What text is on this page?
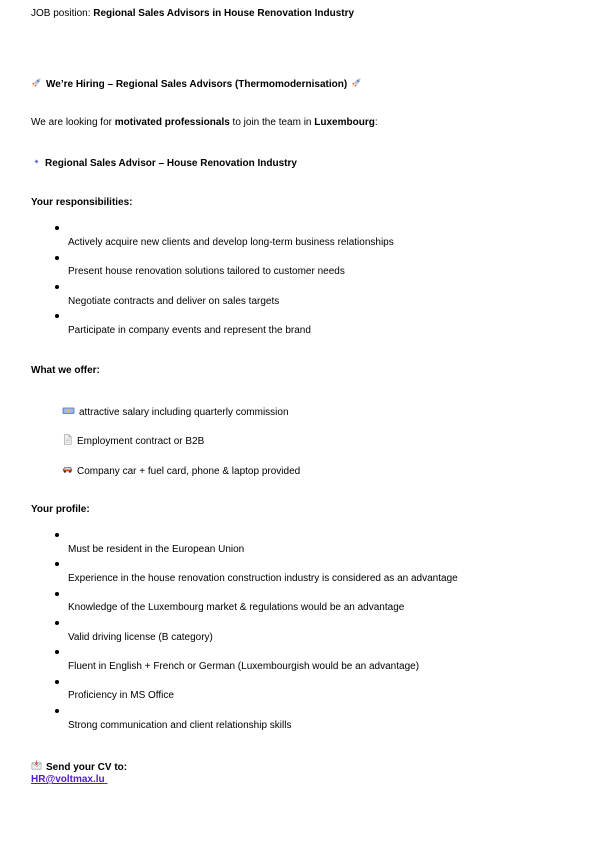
JOB position: Regional Sales Advisors in House Renovation Industry
We’re Hiring – Regional Sales Advisors (Thermomodernisation)
We are looking for motivated professionals to join the team in Luxembourg:
Regional Sales Advisor – House Renovation Industry
Your responsibilities:
Actively acquire new clients and develop long-term business relationships
Present house renovation solutions tailored to customer needs
Negotiate contracts and deliver on sales targets
Participate in company events and represent the brand
What we offer:
attractive salary including quarterly commission
Employment contract or B2B
Company car + fuel card, phone & laptop provided
Your profile:
Must be resident in the European Union
Experience in the house renovation construction industry is considered as an advantage
Knowledge of the Luxembourg market & regulations would be an advantage
Valid driving license (B category)
Fluent in English + French or German (Luxembourgish would be an advantage)
Proficiency in MS Office
Strong communication and client relationship skills
Send your CV to:
HR@voltmax.lu
